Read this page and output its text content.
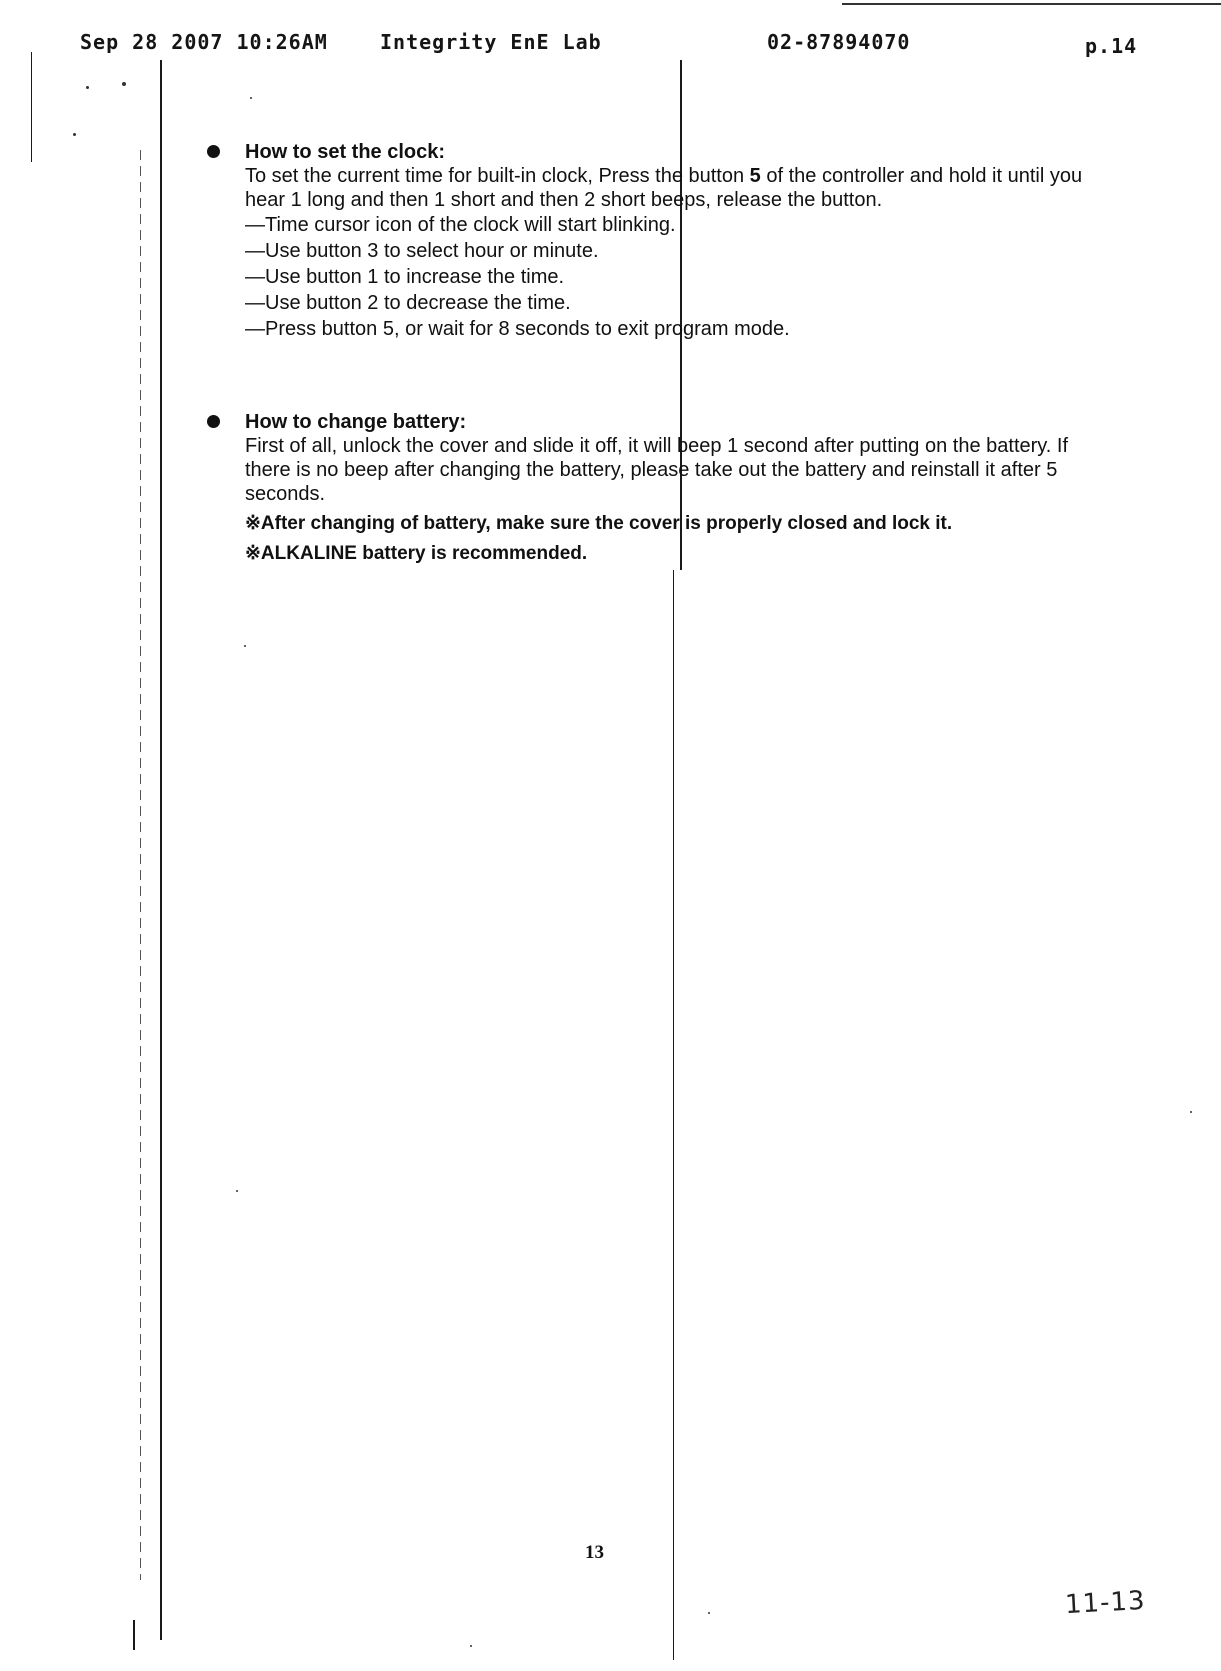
Sep 28 2007 10:26AM	Integrity EnE Lab	02-87894070	p.14

How to set the clock:

To set the current time for built-in clock, Press the button 5 of the controller and hold it until you hear 1 long and then 1 short and then 2 short beeps, release the button.

—Time cursor icon of the clock will start blinking.
—Use button 3 to select hour or minute.
—Use button 1 to increase the time.
—Use button 2 to decrease the time.
—Press button 5, or wait for 8 seconds to exit program mode.

How to change battery:

First of all, unlock the cover and slide it off, it will beep 1 second after putting on the battery. If there is no beep after changing the battery, please take out the battery and reinstall it after 5 seconds.

※After changing of battery, make sure the cover is properly closed and lock it.

※ALKALINE battery is recommended.

13
11-13
